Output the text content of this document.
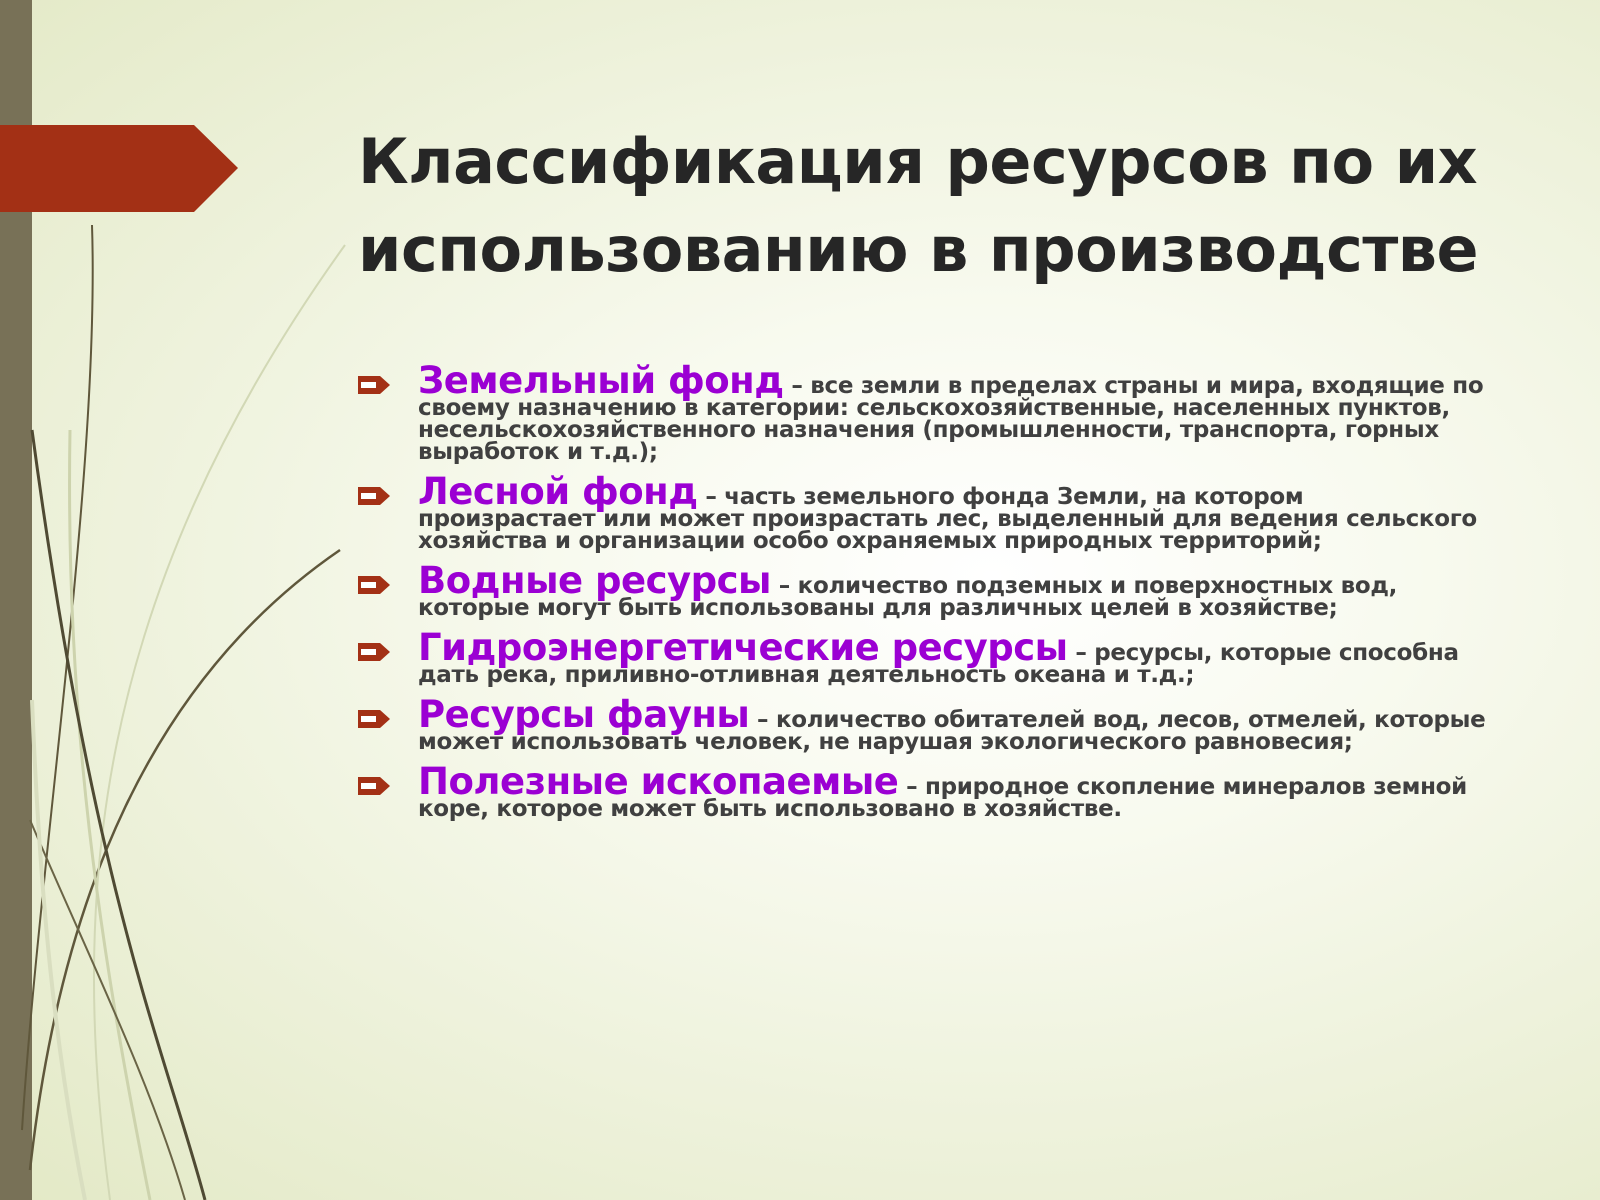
Классификация ресурсов по их использованию в производстве
Земельный фонд – все земли в пределах страны и мира, входящие по своему назначению в категории: сельскохозяйственные, населенных пунктов, несельскохозяйственного назначения (промышленности, транспорта, горных выработок и т.д.);
Лесной фонд – часть земельного фонда Земли, на котором произрастает или может произрастать лес, выделенный для ведения сельского хозяйства и организации особо охраняемых природных территорий;
Водные ресурсы – количество подземных и поверхностных вод, которые могут быть использованы для различных целей в хозяйстве;
Гидроэнергетические ресурсы – ресурсы, которые способна дать река, приливно-отливная деятельность океана и т.д.;
Ресурсы фауны – количество обитателей вод, лесов, отмелей, которые может использовать человек, не нарушая экологического равновесия;
Полезные ископаемые – природное скопление минералов земной коре, которое может быть использовано в хозяйстве.
